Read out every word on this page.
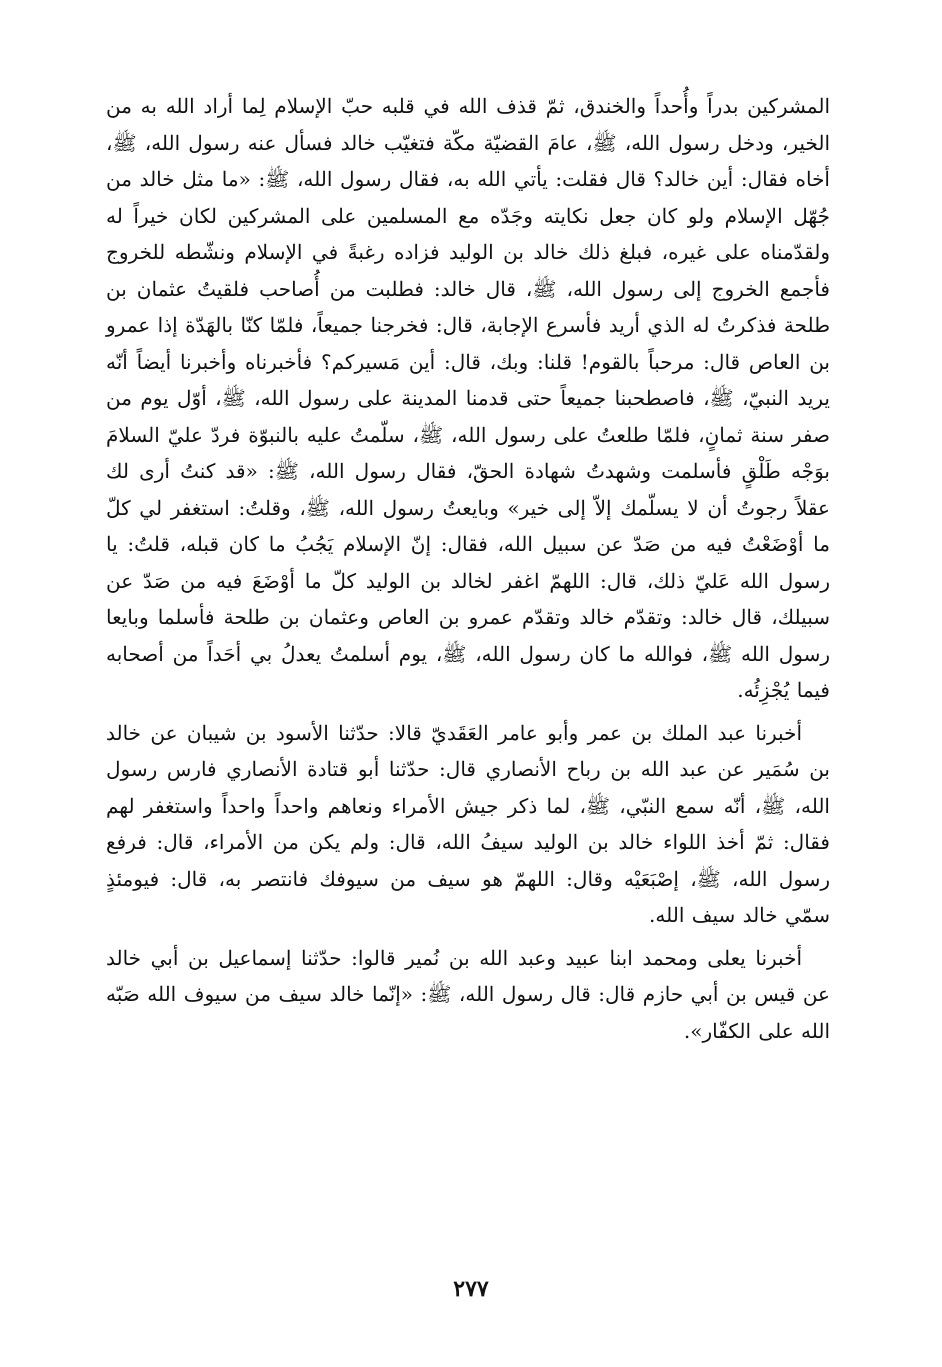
المشركين بدراً وأُحداً والخندق، ثمّ قذف الله في قلبه حبّ الإسلام لِما أراد الله به من الخير، ودخل رسول الله، ﷺ، عامَ القضيّة مكّة فتغيّب خالد فسأل عنه رسول الله، ﷺ، أخاه فقال: أين خالد؟ قال فقلت: يأتي الله به، فقال رسول الله، ﷺ: «ما مثل خالد من جُهّل الإسلام ولو كان جعل نكايته وجَدّه مع المسلمين على المشركين لكان خيراً له ولقدّمناه على غيره، فبلغ ذلك خالد بن الوليد فزاده رغبةً في الإسلام ونشّطه للخروج فأجمع الخروج إلى رسول الله، ﷺ، قال خالد: فطلبت من أُصاحب فلقيتُ عثمان بن طلحة فذكرتُ له الذي أريد فأسرع الإجابة، قال: فخرجنا جميعاً، فلمّا كنّا بالهَدّة إذا عمرو بن العاص قال: مرحباً بالقوم! قلنا: وبك، قال: أين مَسيركم؟ فأخبرناه وأخبرنا أيضاً أنّه يريد النبيّ، ﷺ، فاصطحبنا جميعاً حتى قدمنا المدينة على رسول الله، ﷺ، أوّل يوم من صفر سنة ثمانٍ، فلمّا طلعتُ على رسول الله، ﷺ، سلّمتُ عليه بالنبوّة فردّ عليّ السلامَ بوَجْه طَلْقٍ فأسلمت وشهدتُ شهادة الحقّ، فقال رسول الله، ﷺ: «قد كنتُ أرى لك عقلاً رجوتُ أن لا يسلّمك إلاّ إلى خير» وبايعتُ رسول الله، ﷺ، وقلتُ: استغفر لي كلّ ما أوْضَعْتُ فيه من صَدّ عن سبيل الله، فقال: إنّ الإسلام يَجُبُ ما كان قبله، قلتُ: يا رسول الله عَليّ ذلك، قال: اللهمّ اغفر لخالد بن الوليد كلّ ما أوْضَعَ فيه من صَدّ عن سبيلك، قال خالد: وتقدّم خالد وتقدّم عمرو بن العاص وعثمان بن طلحة فأسلما وبايعا رسول الله ﷺ، فوالله ما كان رسول الله، ﷺ، يوم أسلمتُ يعدلُ بي أحَداً من أصحابه فيما يُجْزِئُه.

أخبرنا عبد الملك بن عمر وأبو عامر العَقَديّ قالا: حدّثنا الأسود بن شيبان عن خالد بن سُمَير عن عبد الله بن رباح الأنصاري قال: حدّثنا أبو قتادة الأنصاري فارس رسول الله، ﷺ، أنّه سمع النبّي، ﷺ، لما ذكر جيش الأمراء ونعاهم واحداً واحداً واستغفر لهم فقال: ثمّ أخذ اللواء خالد بن الوليد سيفُ الله، قال: ولم يكن من الأمراء، قال: فرفع رسول الله، ﷺ، إصْبَعَيْه وقال: اللهمّ هو سيف من سيوفك فانتصر به، قال: فيومئذٍ سمّي خالد سيف الله.

أخبرنا يعلى ومحمد ابنا عبيد وعبد الله بن نُمير قالوا: حدّثنا إسماعيل بن أبي خالد عن قيس بن أبي حازم قال: قال رسول الله، ﷺ: «إنّما خالد سيف من سيوف الله صَبّه الله على الكفّار».

٢٧٧
